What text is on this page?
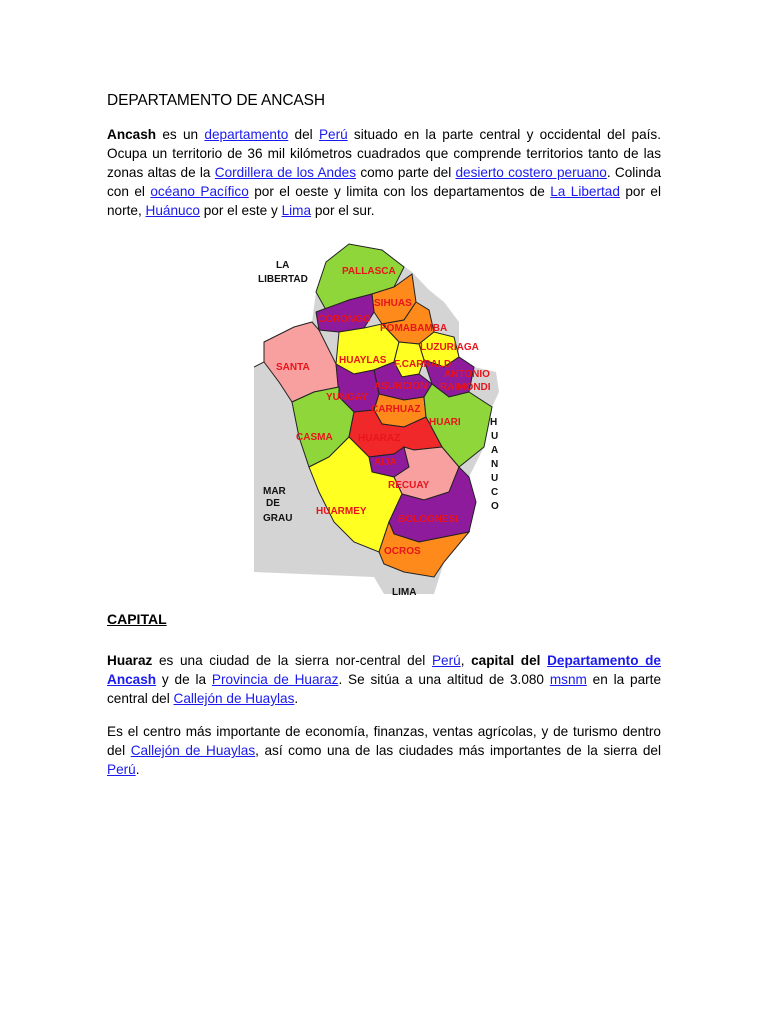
DEPARTAMENTO DE ANCASH

Ancash es un departamento del Perú situado en la parte central y occidental del país. Ocupa un territorio de 36 mil kilómetros cuadrados que comprende territorios tanto de las zonas altas de la Cordillera de los Andes como parte del desierto costero peruano. Colinda con el océano Pacífico por el oeste y limita con los departamentos de La Libertad por el norte, Huánuco por el este y Lima por el sur.

PALLASCA
SIHUAS
CORONGO
POMABAMBA
LUZURIAGA
HUAYLAS F.CARRALD
ANTONIO
RAIMONDI
SANTA
ASUNCION
YUNGAY
CARHUAZ
HUARI
CASMA	HUARAZ
AIJA
RECUAY
HUARMEY
BOLOGNESI
OCROS
LA
LIBERTAD
H
U
A
N
U
C
O
MAR
DE
GRAU
LIMA
CAPITAL

Huaraz es una ciudad de la sierra nor-central del Perú, capital del Departamento de Ancash y de la Provincia de Huaraz. Se sitúa a una altitud de 3.080 msnm en la parte central del Callejón de Huaylas.

Es el centro más importante de economía, finanzas, ventas agrícolas, y de turismo dentro del Callejón de Huaylas, así como una de las ciudades más importantes de la sierra del Perú.
